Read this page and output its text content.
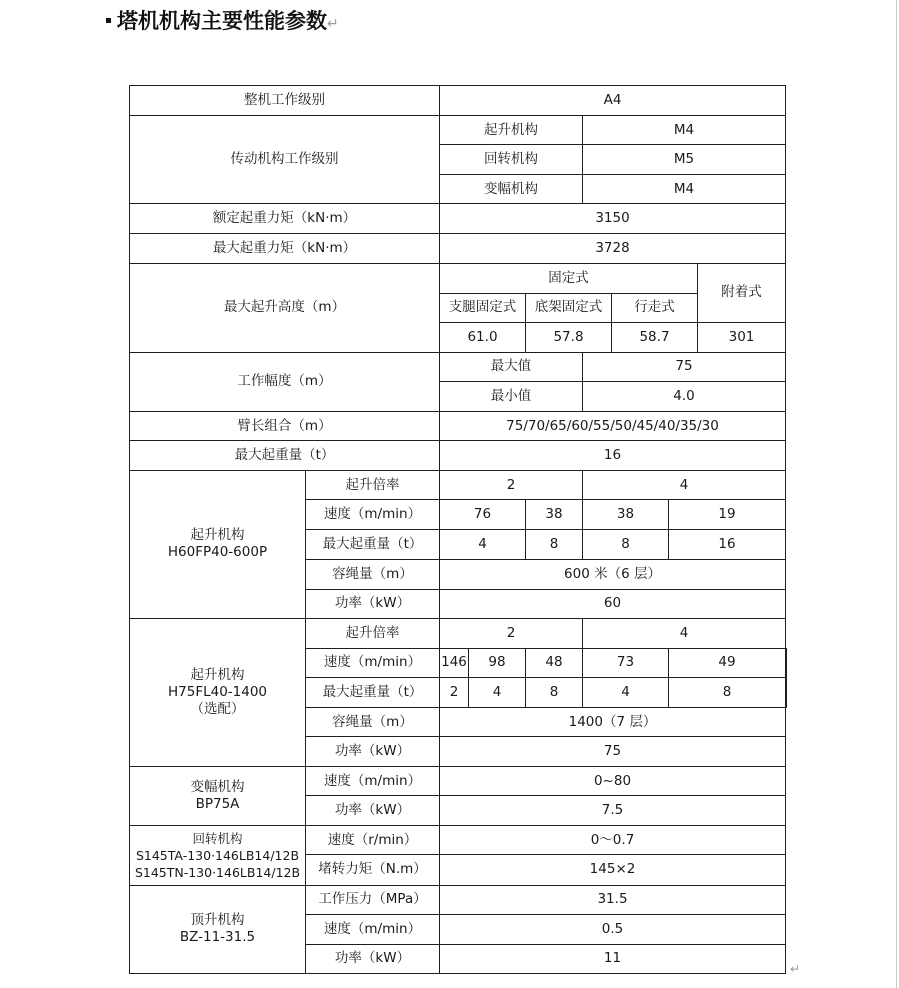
塔机机构主要性能参数↵
整机工作级别		A4							
传动机构工作级别		起升机构			M4				
		回转机构			M5				
		变幅机构			M4				
额定起重力矩（kN·m）		3150							
最大起重力矩（kN·m）		3728							
最大起升高度（m）		固定式						附着式	
		支腿固定式		底架固定式		行走式			
		61.0		57.8		58.7		301	
工作幅度（m）		最大值			75				
		最小值			4.0				
臂长组合（m）		75/70/65/60/55/50/45/40/35/30							
最大起重量（t）		16							

起升机构
H60FP40-600P	起升倍率	2			4				
	速度（m/min）	76		38	38		19		
	最大起重量（t）	4		8	8		16		
	容绳量（m）	600 米（6 层）							
	功率（kW）	60							

起升机构
H75FL40-1400
（选配）	起升倍率	2			4				
	速度（m/min）	146	98	48	73		49	
	最大起重量（t）	2	4	8	4		8	
	容绳量（m）	1400（7 层）							
	功率（kW）	75							

变幅机构
BP75A	速度（m/min）	0~80							
	功率（kW）	7.5							

回转机构
S145TA-130·146LB14/12B
S145TN-130·146LB14/12B	速度（r/min）	0～0.7							
	堵转力矩（N.m）	145×2							

顶升机构
BZ-11-31.5	工作压力（MPa）	31.5							
	速度（m/min）	0.5							
	功率（kW）	11							
↵
